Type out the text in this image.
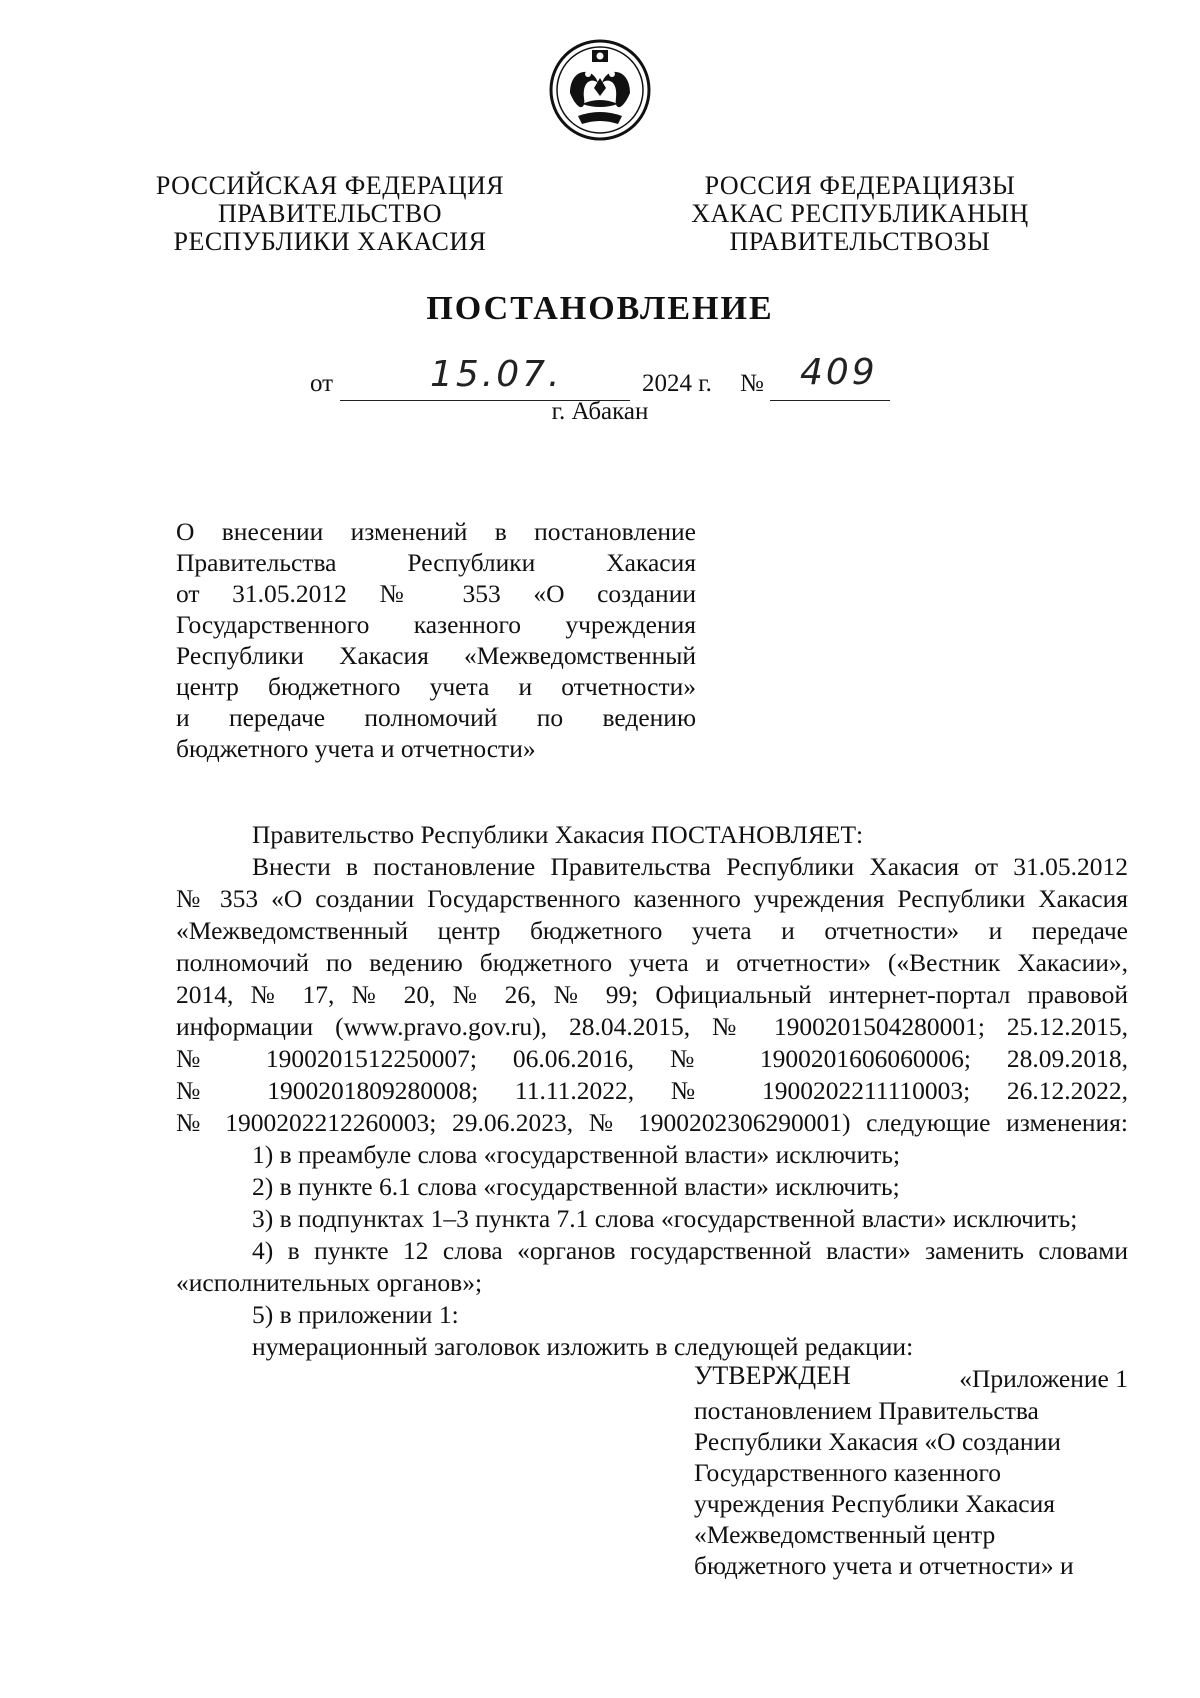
РОССИЙСКАЯ ФЕДЕРАЦИЯ
ПРАВИТЕЛЬСТВО
РЕСПУБЛИКИ ХАКАСИЯ
РОССИЯ ФЕДЕРАЦИЯЗЫ
ХАКАС РЕСПУБЛИКАНЫҢ
ПРАВИТЕЛЬСТВОЗЫ
ПОСТАНОВЛЕНИЕ
от	15.07.	2024 г. № 409
г. Абакан
О внесении изменений в постановление
Правительства Республики Хакасия
от 31.05.2012 № 353 «О создании
Государственного казенного учреждения
Республики Хакасия «Межведомственный
центр бюджетного учета и отчетности»
и передаче полномочий по ведению
бюджетного учета и отчетности»
Правительство Республики Хакасия ПОСТАНОВЛЯЕТ:
Внести в постановление Правительства Республики Хакасия от 31.05.2012
№ 353 «О создании Государственного казенного учреждения Республики Хакасия
«Межведомственный центр бюджетного учета и отчетности» и передаче
полномочий по ведению бюджетного учета и отчетности» («Вестник Хакасии»,
2014, № 17, № 20, № 26, № 99; Официальный интернет-портал правовой
информации (www.pravo.gov.ru), 28.04.2015, № 1900201504280001; 25.12.2015,
№ 1900201512250007; 06.06.2016, № 1900201606060006; 28.09.2018,
№ 1900201809280008; 11.11.2022, № 1900202211110003; 26.12.2022,
№ 1900202212260003; 29.06.2023, № 1900202306290001) следующие изменения:
1) в преамбуле слова «государственной власти» исключить;
2) в пункте 6.1 слова «государственной власти» исключить;
3) в подпунктах 1–3 пункта 7.1 слова «государственной власти» исключить;
4) в пункте 12 слова «органов государственной власти» заменить словами
«исполнительных органов»;
5) в приложении 1:
нумерационный заголовок изложить в следующей редакции:
«Приложение 1
УТВЕРЖДЕН
постановлением Правительства
Республики Хакасия «О создании
Государственного казенного
учреждения Республики Хакасия
«Межведомственный центр
бюджетного учета и отчетности» и
